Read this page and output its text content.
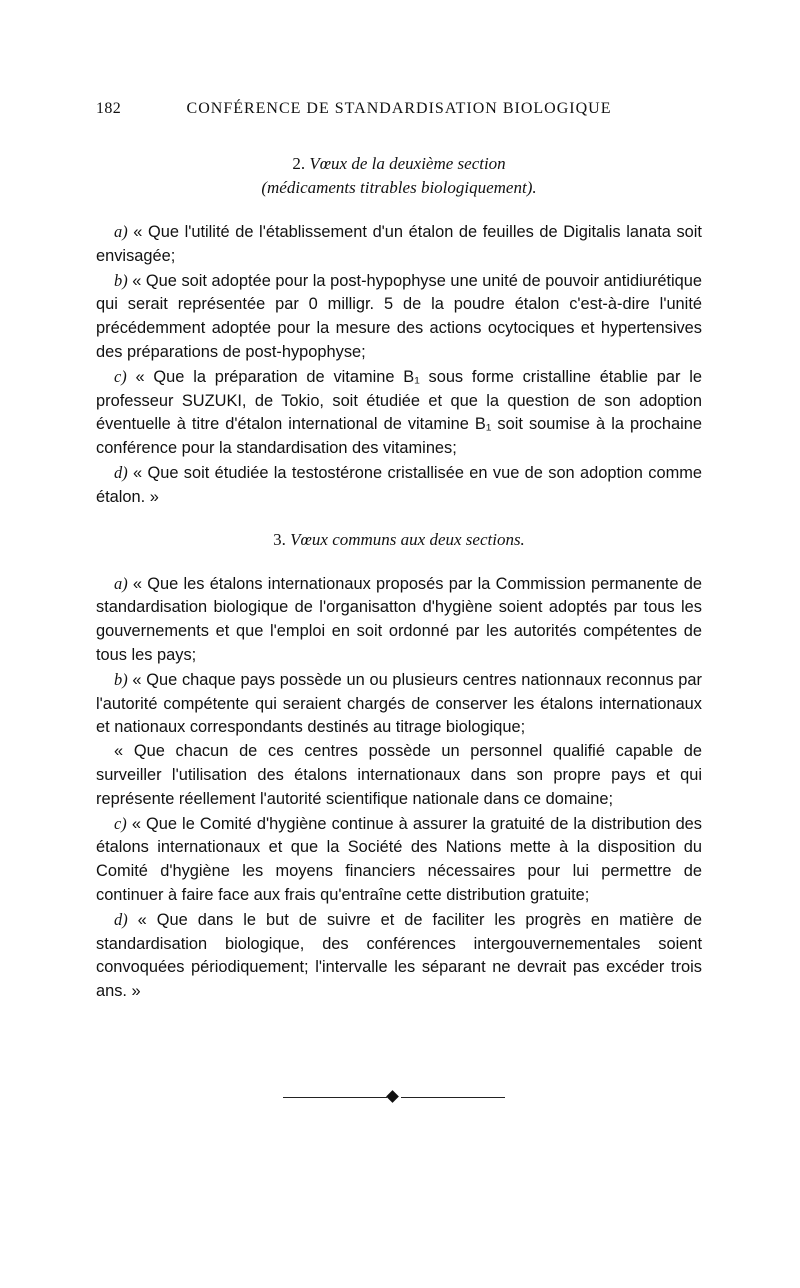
182	CONFÉRENCE DE STANDARDISATION BIOLOGIQUE
2. Vœux de la deuxième section
(médicaments titrables biologiquement).

a) « Que l'utilité de l'établissement d'un étalon de feuilles de Digitalis lanata soit envisagée;

b) « Que soit adoptée pour la post-hypophyse une unité de pouvoir antidiurétique qui serait représentée par 0 milligr. 5 de la poudre étalon c'est-à-dire l'unité précédemment adoptée pour la mesure des actions ocytociques et hypertensives des préparations de post-hypophyse;

c) « Que la préparation de vitamine B₁ sous forme cristalline établie par le professeur SUZUKI, de Tokio, soit étudiée et que la question de son adoption éventuelle à titre d'étalon international de vitamine B₁ soit soumise à la prochaine conférence pour la standardisation des vitamines;

d) « Que soit étudiée la testostérone cristallisée en vue de son adoption comme étalon. »

3. Vœux communs aux deux sections.

a) « Que les étalons internationaux proposés par la Commission permanente de standardisation biologique de l'organisatton d'hygiène soient adoptés par tous les gouvernements et que l'emploi en soit ordonné par les autorités compétentes de tous les pays;

b) « Que chaque pays possède un ou plusieurs centres nationnaux reconnus par l'autorité compétente qui seraient chargés de conserver les étalons internationaux et nationaux correspondants destinés au titrage biologique;

« Que chacun de ces centres possède un personnel qualifié capable de surveiller l'utilisation des étalons internationaux dans son propre pays et qui représente réellement l'autorité scientifique nationale dans ce domaine;

c) « Que le Comité d'hygiène continue à assurer la gratuité de la distribution des étalons internationaux et que la Société des Nations mette à la disposition du Comité d'hygiène les moyens financiers nécessaires pour lui permettre de continuer à faire face aux frais qu'entraîne cette distribution gratuite;

d) « Que dans le but de suivre et de faciliter les progrès en matière de standardisation biologique, des conférences intergouvernementales soient convoquées périodiquement; l'intervalle les séparant ne devrait pas excéder trois ans. »
